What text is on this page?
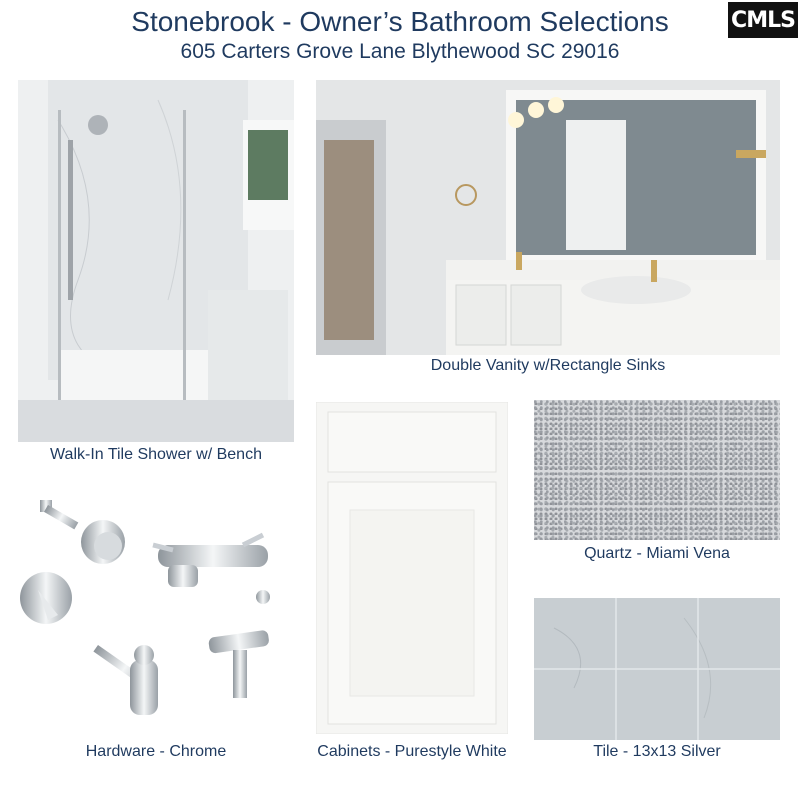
Stonebrook - Owner’s Bathroom Selections
605 Carters Grove Lane Blythewood SC 29016
CMLS
Walk-In Tile Shower w/ Bench
Double Vanity w/Rectangle Sinks
Hardware - Chrome	Cabinets - Purestyle White
Quartz - Miami Vena
Tile - 13x13 Silver
